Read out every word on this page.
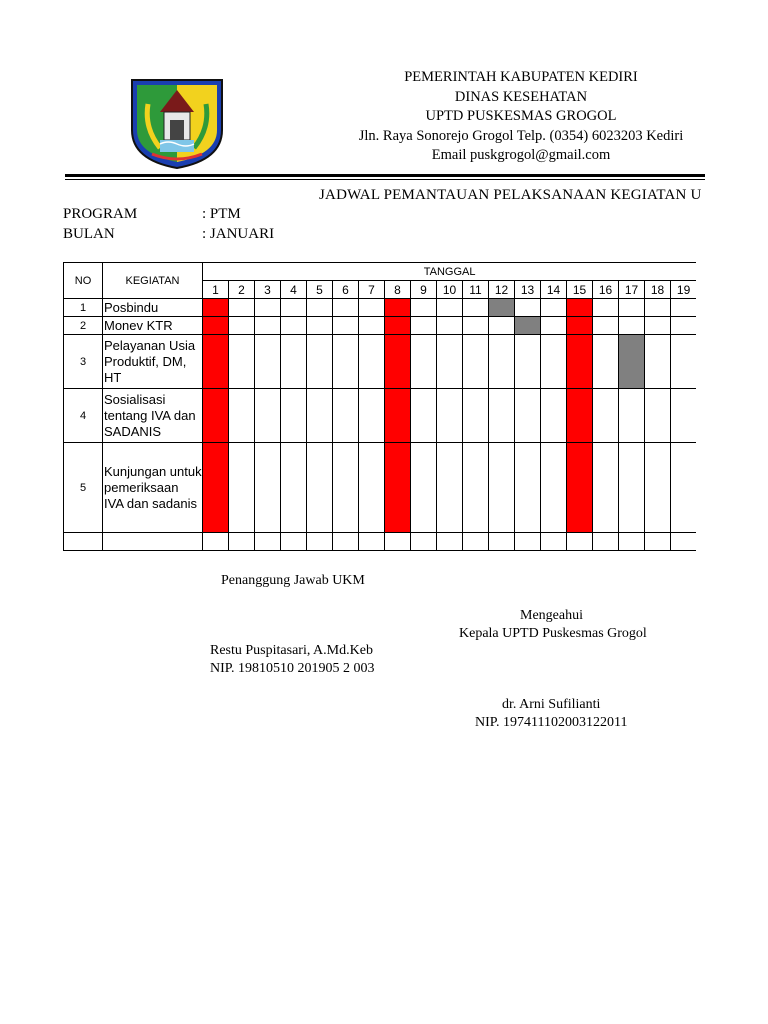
PEMERINTAH KABUPATEN KEDIRI
DINAS KESEHATAN
UPTD PUSKESMAS GROGOL
Jln. Raya Sonorejo Grogol Telp. (0354) 6023203 Kediri
Email puskgrogol@gmail.com
JADWAL PEMANTAUAN PELAKSANAAN KEGIATAN U
PROGRAM	: PTM
BULAN	: JANUARI
NO	KEGIATAN	TANGGAL																		
		1	2	3	4	5	6	7	8	9	10	11	12	13	14	15	16	17	18	19
1	Posbindu																			
2	Monev KTR																			
3	Pelayanan Usia Produktif, DM, HT																			
4	Sosialisasi tentang IVA dan SADANIS																			
5	Kunjungan untuk pemeriksaan IVA dan sadanis																			

Penanggung Jawab UKM
Mengeahui
Kepala UPTD Puskesmas Grogol
Restu Puspitasari, A.Md.Keb
NIP. 19810510 201905 2 003
dr. Arni Sufilianti
NIP. 197411102003122011
